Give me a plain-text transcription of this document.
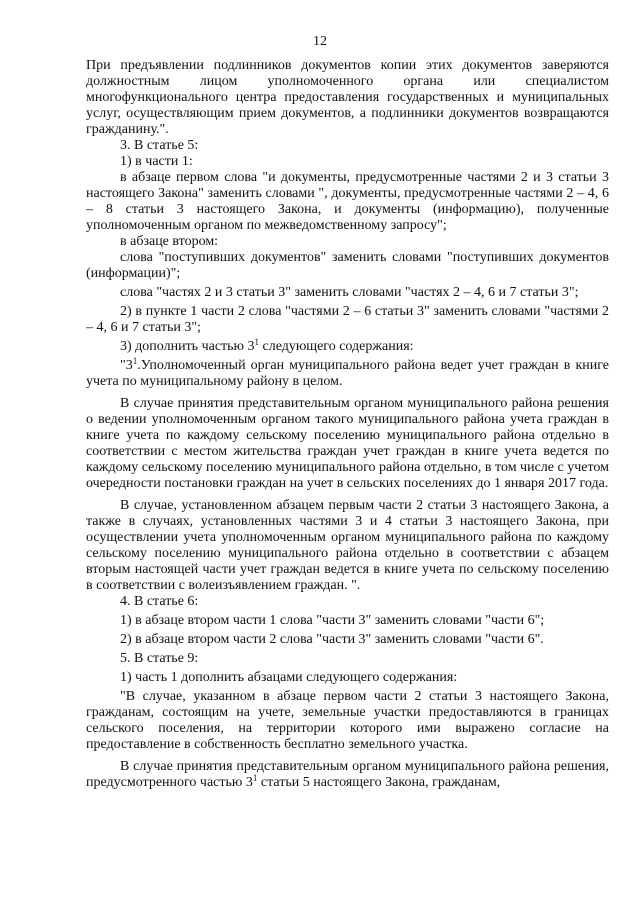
12

При предъявлении подлинников документов копии этих документов заверяются должностным лицом уполномоченного органа или специалистом многофункционального центра предоставления государственных и муниципальных услуг, осуществляющим прием документов, а подлинники документов возвращаются гражданину.".

3. В статье 5:

1) в части 1:

в абзаце первом слова "и документы, предусмотренные частями 2 и 3 статьи 3 настоящего Закона" заменить словами ", документы, предусмотренные частями 2 – 4, 6 – 8 статьи 3 настоящего Закона, и документы (информацию), полученные уполномоченным органом по межведомственному запросу";

в абзаце втором:

слова "поступивших документов" заменить словами "поступивших документов (информации)";

слова "частях 2 и 3 статьи 3" заменить словами "частях 2 – 4, 6 и 7 статьи 3";

2) в пункте 1 части 2 слова "частями 2 – 6 статьи 3" заменить словами "частями 2 – 4, 6 и 7 статьи 3";

3) дополнить частью $3^1$ следующего содержания:

"$3^1.Уполномоченный$ орган муниципального района ведет учет граждан в книге учета по муниципальному району в целом.

В случае принятия представительным органом муниципального района решения о ведении уполномоченным органом такого муниципального района учета граждан в книге учета по каждому сельскому поселению муниципального района отдельно в соответствии с местом жительства граждан учет граждан в книге учета ведется по каждому сельскому поселению муниципального района отдельно, в том числе с учетом очередности постановки граждан на учет в сельских поселениях до 1 января 2017 года.

В случае, установленном абзацем первым части 2 статьи 3 настоящего Закона, а также в случаях, установленных частями 3 и 4 статьи 3 настоящего Закона, при осуществлении учета уполномоченным органом муниципального района по каждому сельскому поселению муниципального района отдельно в соответствии с абзацем вторым настоящей части учет граждан ведется в книге учета по сельскому поселению в соответствии с волеизъявлением граждан. ".

4. В статье 6:

1) в абзаце втором части 1 слова "части 3" заменить словами "части 6";

2) в абзаце втором части 2 слова "части 3" заменить словами "части 6".

5. В статье 9:

1) часть 1 дополнить абзацами следующего содержания:

"В случае, указанном в абзаце первом части 2 статьи 3 настоящего Закона, гражданам, состоящим на учете, земельные участки предоставляются в границах сельского поселения, на территории которого ими выражено согласие на предоставление в собственность бесплатно земельного участка.

В случае принятия представительным органом муниципального района решения, предусмотренного частью $3^1$ статьи 5 настоящего Закона, гражданам,
